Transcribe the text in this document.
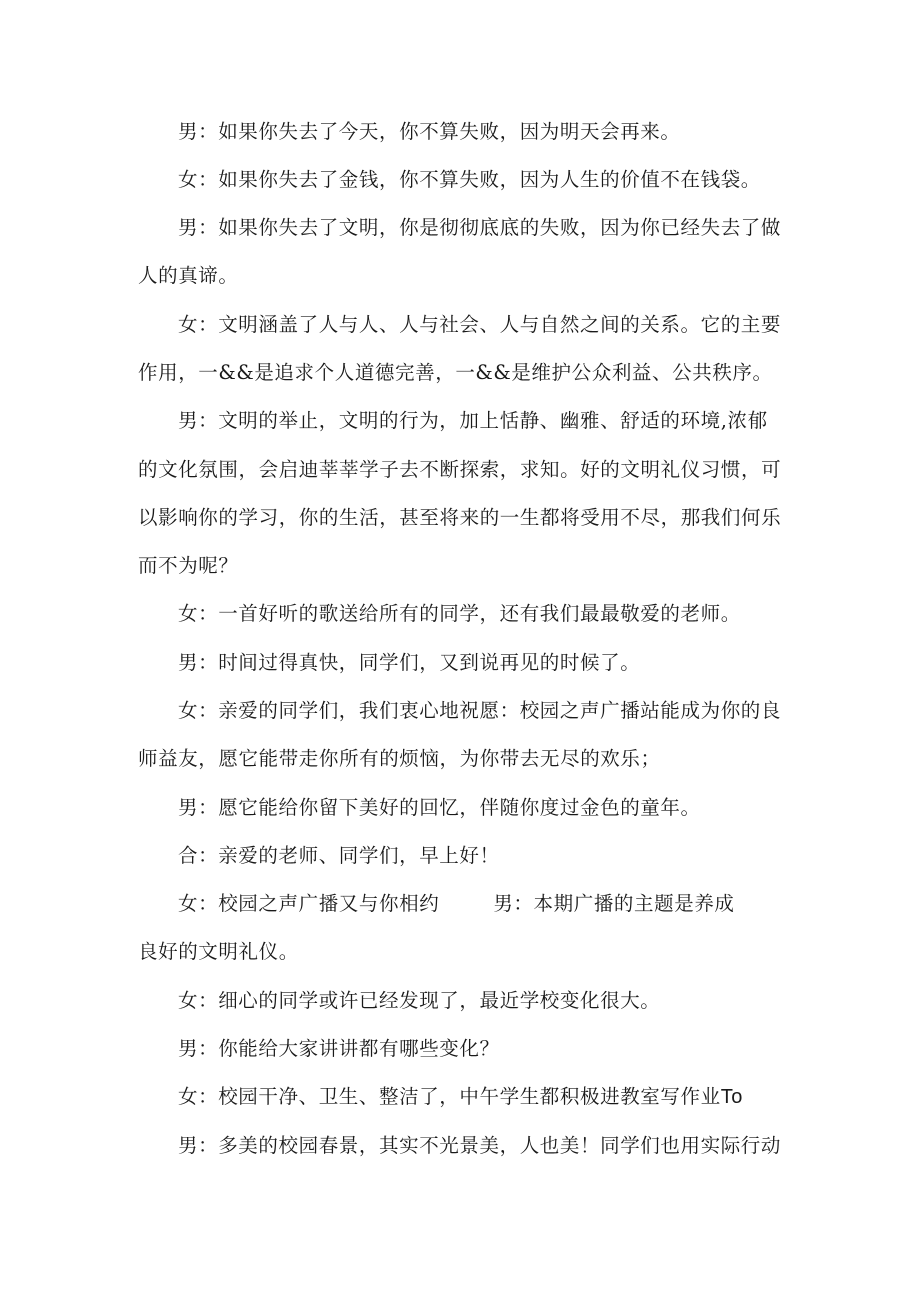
男：如果你失去了今天，你不算失败，因为明天会再来。

女：如果你失去了金钱，你不算失败，因为人生的价值不在钱袋。

男：如果你失去了文明，你是彻彻底底的失败，因为你已经失去了做

人的真谛。

女：文明涵盖了人与人、人与社会、人与自然之间的关系。它的主要

作用，一&&是追求个人道德完善，一&&是维护公众利益、公共秩序。

男：文明的举止，文明的行为，加上恬静、幽雅、舒适的环境,浓郁

的文化氛围，会启迪莘莘学子去不断探索，求知。好的文明礼仪习惯，可

以影响你的学习，你的生活，甚至将来的一生都将受用不尽，那我们何乐

而不为呢？

女：一首好听的歌送给所有的同学，还有我们最最敬爱的老师。

男：时间过得真快，同学们，又到说再见的时候了。

女：亲爱的同学们，我们衷心地祝愿：校园之声广播站能成为你的良

师益友，愿它能带走你所有的烦恼，为你带去无尽的欢乐；

男：愿它能给你留下美好的回忆，伴随你度过金色的童年。

合：亲爱的老师、同学们，早上好！

女：校园之声广播又与你相约	男：本期广播的主题是养成

良好的文明礼仪。

女：细心的同学或许已经发现了，最近学校变化很大。

男：你能给大家讲讲都有哪些变化？

女：校园干净、卫生、整洁了，中午学生都积极进教室写作业To

男：多美的校园春景，其实不光景美，人也美！同学们也用实际行动
